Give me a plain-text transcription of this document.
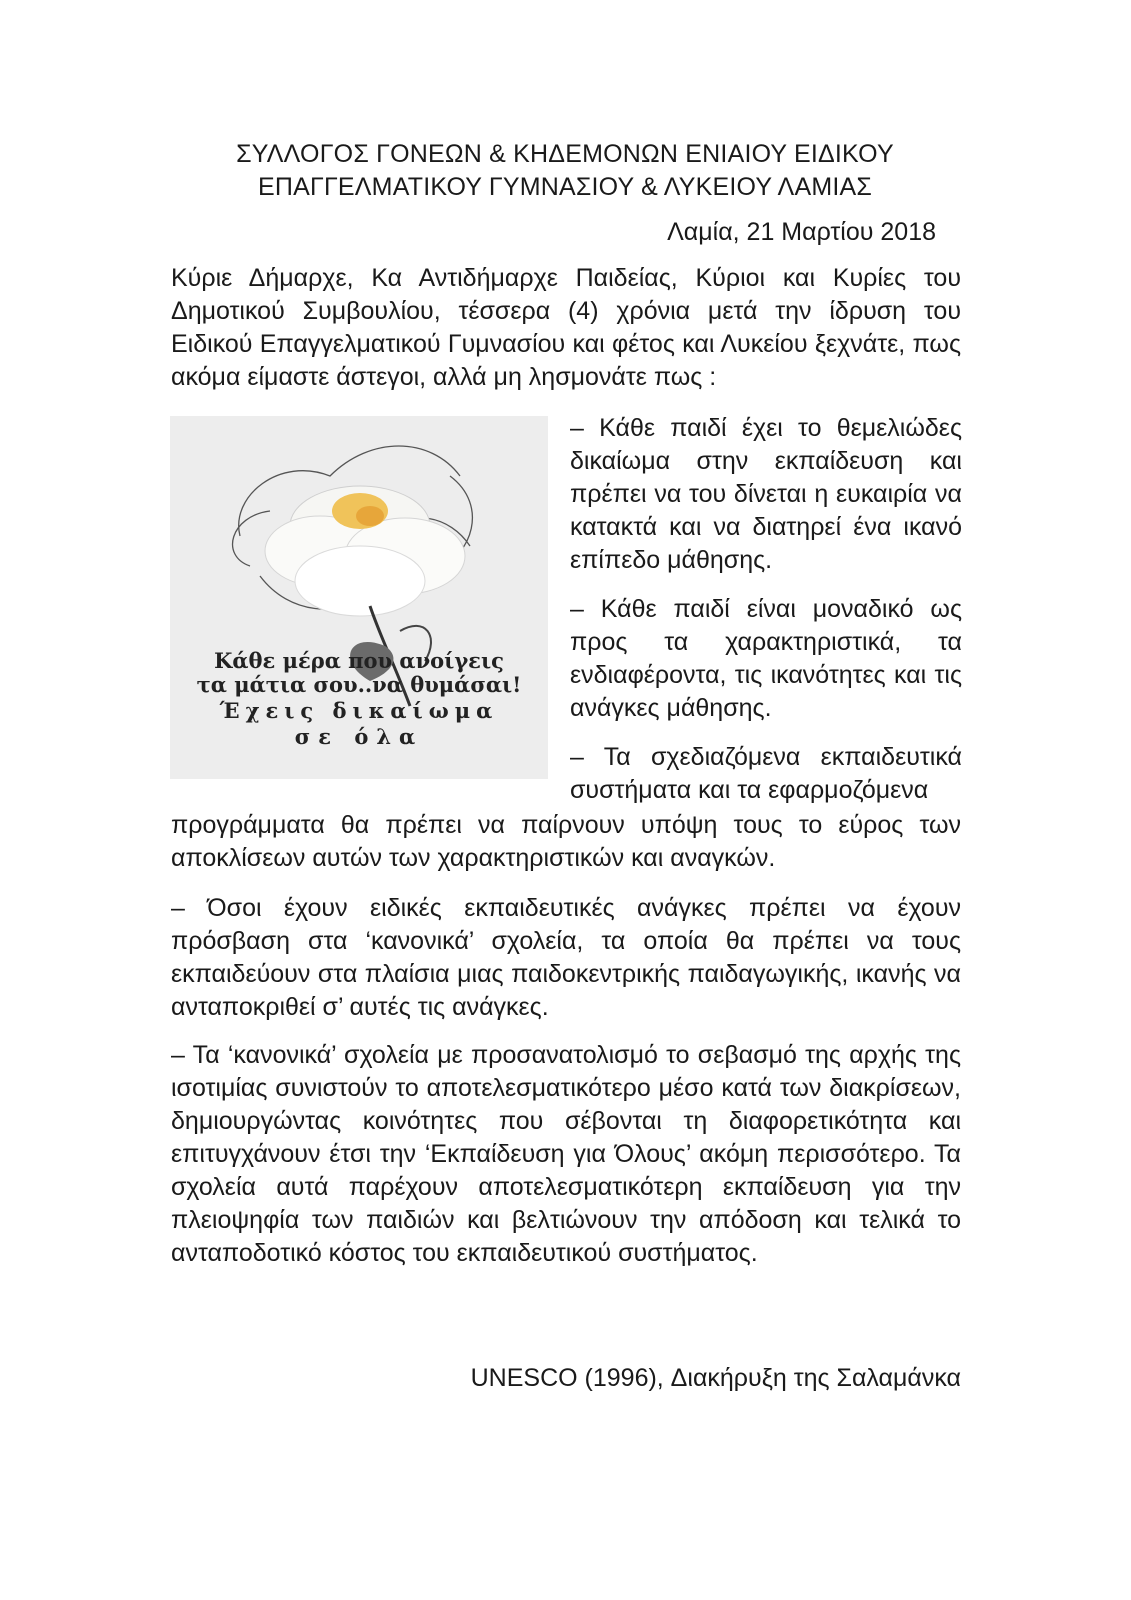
ΣΥΛΛΟΓΟΣ ΓΟΝΕΩΝ & ΚΗΔΕΜΟΝΩΝ ΕΝΙΑΙΟΥ ΕΙΔΙΚΟΥ
ΕΠΑΓΓΕΛΜΑΤΙΚΟΥ ΓΥΜΝΑΣΙΟΥ & ΛΥΚΕΙΟΥ ΛΑΜΙΑΣ
Λαμία, 21 Μαρτίου 2018
Κύριε Δήμαρχε, Κα Αντιδήμαρχε Παιδείας, Κύριοι και Κυρίες του Δημοτικού Συμβουλίου, τέσσερα (4) χρόνια μετά την ίδρυση του Ειδικού Επαγγελματικού Γυμνασίου και φέτος και Λυκείου ξεχνάτε, πως ακόμα είμαστε άστεγοι, αλλά μη λησμονάτε πως :
Κάθε μέρα που ανοίγεις
τα μάτια σου..να θυμάσαι!
Έχεις δικαίωμα
σε όλα

– Κάθε παιδί έχει το θεμελιώδες δικαίωμα στην εκπαίδευση και πρέπει να του δίνεται η ευκαιρία να κατακτά και να διατηρεί ένα ικανό επίπεδο μάθησης.

– Κάθε παιδί είναι μοναδικό ως προς τα χαρακτηριστικά, τα ενδιαφέροντα, τις ικανότητες και τις ανάγκες μάθησης.

– Τα σχεδιαζόμενα εκπαιδευτικά συστήματα και τα εφαρμοζόμενα

προγράμματα θα πρέπει να παίρνουν υπόψη τους το εύρος των αποκλίσεων αυτών των χαρακτηριστικών και αναγκών.

– Όσοι έχουν ειδικές εκπαιδευτικές ανάγκες πρέπει να έχουν πρόσβαση στα ‘κανονικά’ σχολεία, τα οποία θα πρέπει να τους εκπαιδεύουν στα πλαίσια μιας παιδοκεντρικής παιδαγωγικής, ικανής να ανταποκριθεί σ’ αυτές τις ανάγκες.

– Τα ‘κανονικά’ σχολεία με προσανατολισμό το σεβασμό της αρχής της ισοτιμίας συνιστούν το αποτελεσματικότερο μέσο κατά των διακρίσεων, δημιουργώντας κοινότητες που σέβονται τη διαφορετικότητα και επιτυγχάνουν έτσι την ‘Εκπαίδευση για Όλους’ ακόμη περισσότερο. Τα σχολεία αυτά παρέχουν αποτελεσματικότερη εκπαίδευση για την πλειοψηφία των παιδιών και βελτιώνουν την απόδοση και τελικά το ανταποδοτικό κόστος του εκπαιδευτικού συστήματος.

UNESCO (1996), Διακήρυξη της Σαλαμάνκα
